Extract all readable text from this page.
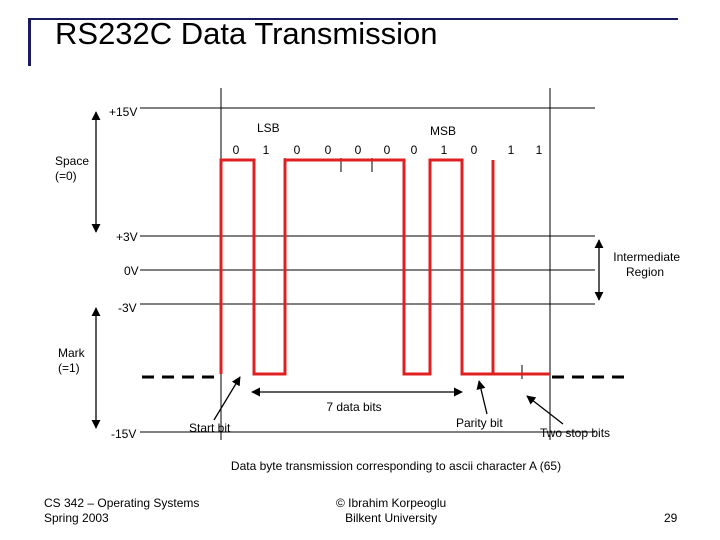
RS232C Data Transmission
+15V
+3V
0V
-3V
-15V
Space
(=0)
Mark
(=1)
Intermediate
Region
LSB	MSB
0 1 0 0 0 0 0 1 0	1 1
7 data bits
Start bit	Parity bit
Two stop bits
Data byte transmission corresponding to ascii character A (65)
CS 342 – Operating Systems
Spring 2003
© Ibrahim Korpeoglu
Bilkent University	29
